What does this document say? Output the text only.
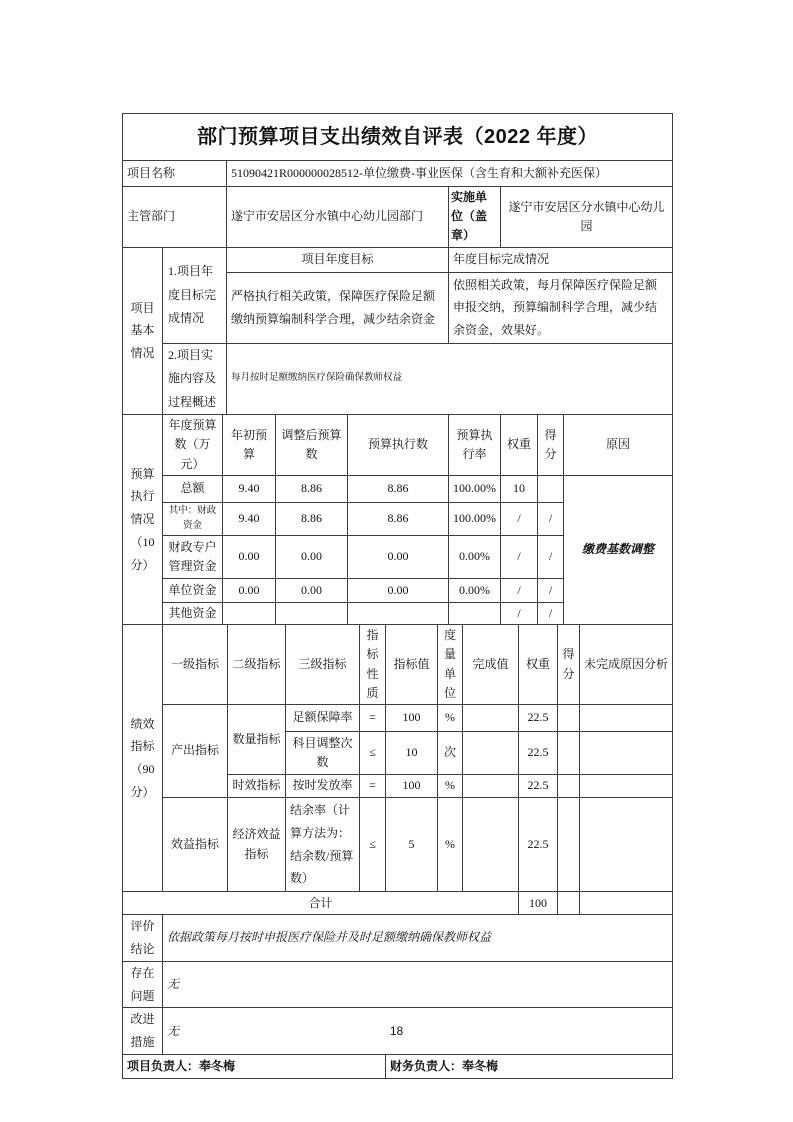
部门预算项目支出绩效自评表（2022 年度）
项目名称	51090421R000000028512-单位缴费-事业医保（含生育和大额补充医保）		
主管部门	遂宁市安居区分水镇中心幼儿园部门	实施单位（盖章）	遂宁市安居区分水镇中心幼儿园
项目基本情况	1.项目年度目标完成情况	项目年度目标	年度目标完成情况
		严格执行相关政策，保障医疗保险足额缴纳预算编制科学合理，减少结余资金	依照相关政策，每月保障医疗保险足额申报交纳，预算编制科学合理，减少结余资金，效果好。
	2.项目实施内容及过程概述	每月按时足额缴纳医疗保险确保教师权益	
预算执行情况（10分）	年度预算数（万元）	年初预算	调整后预算数	预算执行数	预算执行率	权重	得分	原因
	总额	9.40	8.86	8.86	100.00%	10		缴费基数调整
	其中：财政资金	9.40	8.86	8.86	100.00%	/	/	
	财政专户管理资金	0.00	0.00	0.00	0.00%	/	/	
	单位资金	0.00	0.00	0.00	0.00%	/	/	
	其他资金					/	/	
绩效指标（90分）	一级指标	二级指标	三级指标	指标性质	指标值	度量单位	完成值	权重	得分	未完成原因分析
	产出指标	数量指标	足额保障率	=	100	%		22.5		
			科目调整次数	≤	10	次		22.5		
		时效指标	按时发放率	=	100	%		22.5		
	效益指标	经济效益指标	结余率（计算方法为：结余数/预算数）	≤	5	%		22.5		
合计								100		
评价结论	依据政策每月按时申报医疗保险并及时足额缴纳确保教师权益
存在问题	无
改进措施	无
项目负责人：奉冬梅	财务负责人：奉冬梅
18
